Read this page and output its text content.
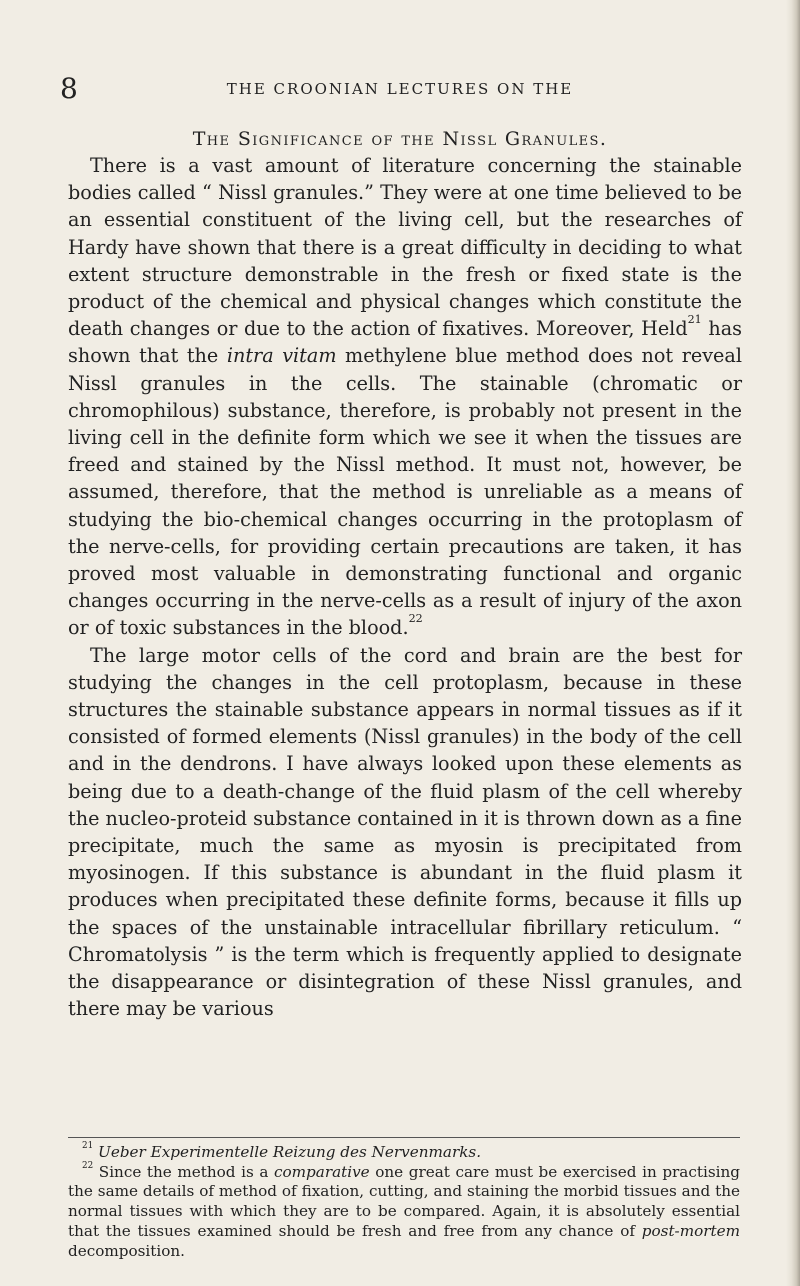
8	THE CROONIAN LECTURES ON THE
The Significance of the Nissl Granules.

There is a vast amount of literature concerning the stainable bodies called “ Nissl granules.” They were at one time believed to be an essential constituent of the living cell, but the researches of Hardy have shown that there is a great difficulty in deciding to what extent structure demonstrable in the fresh or fixed state is the product of the chemical and physical changes which constitute the death changes or due to the action of fixatives. Moreover, Held$^{21}$ has shown that the intra vitam methylene blue method does not reveal Nissl granules in the cells. The stainable (chromatic or chromophilous) substance, therefore, is probably not present in the living cell in the definite form which we see it when the tissues are freed and stained by the Nissl method. It must not, however, be assumed, therefore, that the method is unreliable as a means of studying the bio-chemical changes occurring in the protoplasm of the nerve-cells, for providing certain precautions are taken, it has proved most valuable in demonstrating functional and organic changes occurring in the nerve-cells as a result of injury of the axon or of toxic substances in the blood.$^{22}$

The large motor cells of the cord and brain are the best for studying the changes in the cell protoplasm, because in these structures the stainable substance appears in normal tissues as if it consisted of formed elements (Nissl granules) in the body of the cell and in the dendrons. I have always looked upon these elements as being due to a death-change of the fluid plasm of the cell whereby the nucleo-proteid substance contained in it is thrown down as a fine precipitate, much the same as myosin is precipitated from myosinogen. If this substance is abundant in the fluid plasm it produces when precipitated these definite forms, because it fills up the spaces of the unstainable intracellular fibrillary reticulum. “ Chromatolysis ” is the term which is frequently applied to designate the disappearance or disintegration of these Nissl granules, and there may be various

$^{21}$ Ueber Experimentelle Reizung des Nervenmarks.

$^{22}$ Since the method is a comparative one great care must be exercised in practising the same details of method of fixation, cutting, and staining the morbid tissues and the normal tissues with which they are to be compared. Again, it is absolutely essential that the tissues examined should be fresh and free from any chance of post-mortem decomposition.
